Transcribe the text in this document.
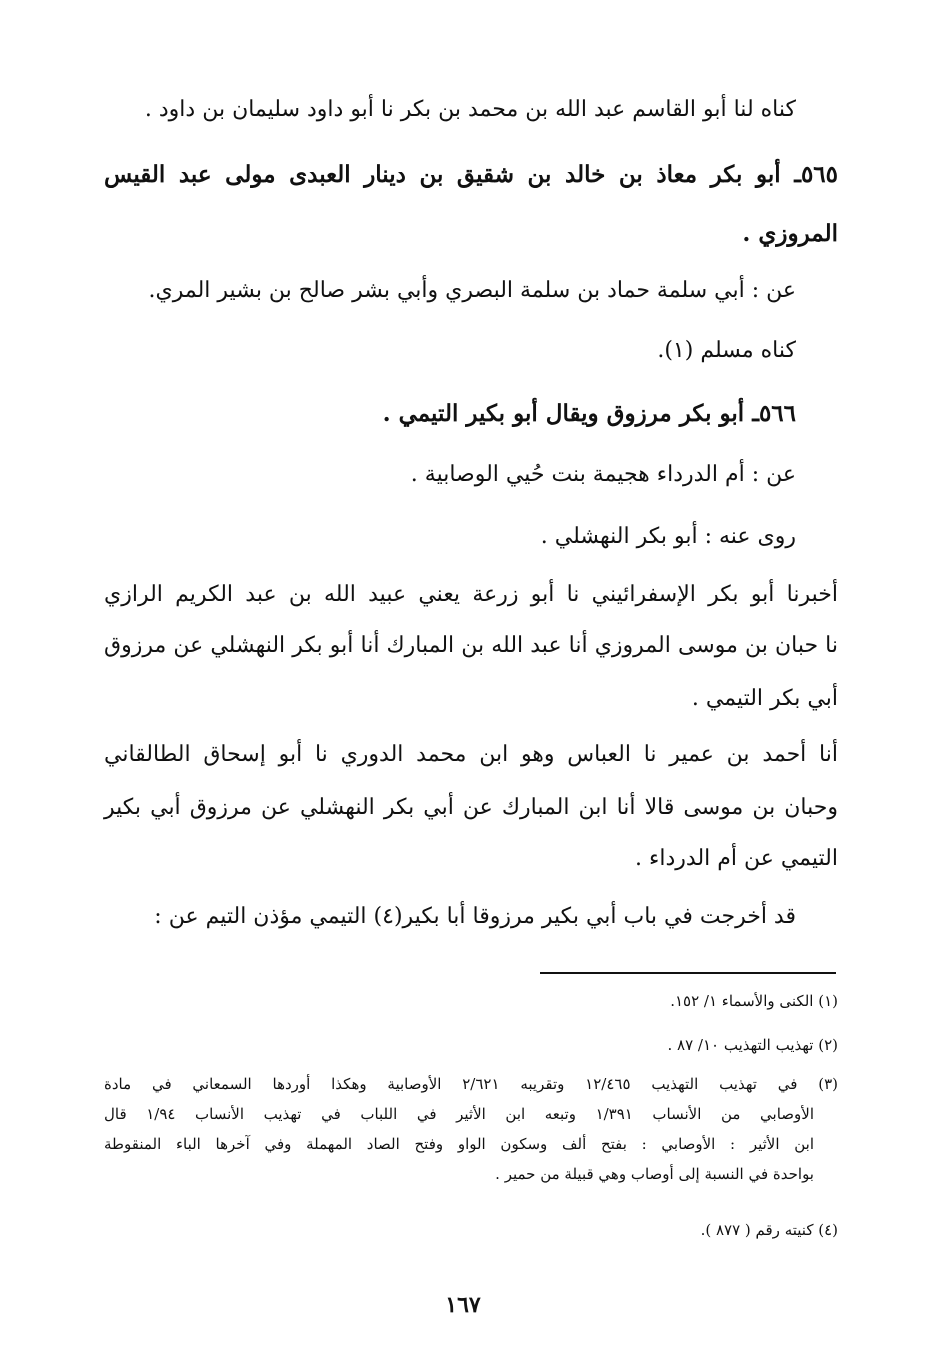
كناه لنا أبو القاسم عبد الله بن محمد بن بكر نا أبو داود سليمان بن داود .
٥٦٥ـ أبو بكر معاذ بن خالد بن شقيق بن دينار العبدى مولى عبد القيس
المروزي .
عن : أبي سلمة حماد بن سلمة البصري وأبي بشر صالح بن بشير المري.
كناه مسلم (١).
٥٦٦ـ أبو بكر مرزوق ويقال أبو بكير التيمي .
عن : أم الدرداء هجيمة بنت حُيي الوصابية .
روى عنه : أبو بكر النهشلي .
أخبرنا أبو بكر الإسفرائيني نا أبو زرعة يعني عبيد الله بن عبد الكريم الرازي
نا حبان بن موسى المروزي أنا عبد الله بن المبارك أنا أبو بكر النهشلي عن مرزوق
أبي بكر التيمي .
أنا أحمد بن عمير نا العباس وهو ابن محمد الدوري نا أبو إسحاق الطالقاني
وحبان بن موسى قالا أنا ابن المبارك عن أبي بكر النهشلي عن مرزوق أبي بكير
التيمي عن أم الدرداء .
قد أخرجت في باب أبي بكير مرزوقا أبا بكير(٤) التيمي مؤذن التيم عن :
(١) الكنى والأسماء ١/ ١٥٢.
(٢) تهذيب التهذيب ١٠/ ٨٧ .
(٣) في تهذيب التهذيب ١٢/٤٦٥ وتقريبه ٢/٦٢١ الأوصابية وهكذا أوردها السمعاني في مادة
الأوصابي من الأنساب ١/٣٩١ وتبعه ابن الأثير في اللباب في تهذيب الأنساب ١/٩٤ قال
ابن الأثير : الأوصابي : بفتح ألف وسكون الواو وفتح الصاد المهملة وفي آخرها الباء المنقوطة
بواحدة في النسبة إلى أوصاب وهي قبيلة من حمير .
(٤) كنيته رقم ( ٨٧٧ ).
١٦٧
